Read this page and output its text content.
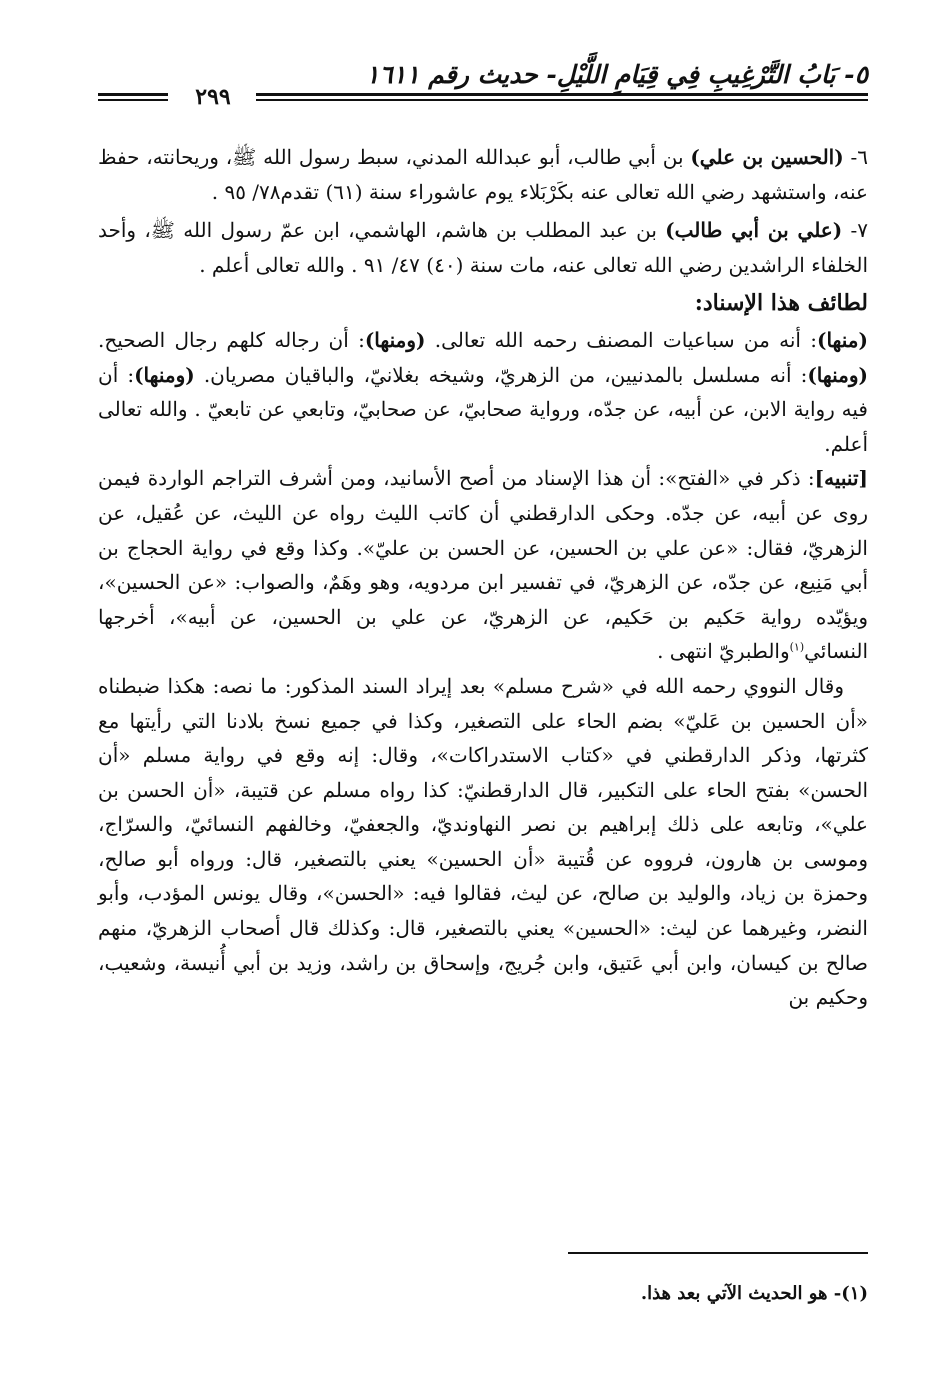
٥- بَابُ التَّرْغِيبِ فِي قِيَامِ اللَّيْلِ- حديث رقم ١٦١١
٢٩٩

٦- (الحسين بن علي) بن أبي طالب، أبو عبدالله المدني، سبط رسول الله ﷺ، وريحانته، حفظ عنه، واستشهد رضي الله تعالى عنه بكَرْبَلاء يوم عاشوراء سنة (٦١) تقدم٧٨/ ٩٥ .

٧- (علي بن أبي طالب) بن عبد المطلب بن هاشم، الهاشمي، ابن عمّ رسول الله ﷺ، وأحد الخلفاء الراشدين رضي الله تعالى عنه، مات سنة (٤٠) ٤٧/ ٩١ . والله تعالى أعلم .

لطائف هذا الإسناد:

(منها): أنه من سباعيات المصنف رحمه الله تعالى. (ومنها): أن رجاله كلهم رجال الصحيح. (ومنها): أنه مسلسل بالمدنيين، من الزهريّ، وشيخه بغلانيّ، والباقيان مصريان. (ومنها): أن فيه رواية الابن، عن أبيه، عن جدّه، ورواية صحابيّ، عن صحابيّ، وتابعي عن تابعيّ . والله تعالى أعلم.

[تنبيه]: ذكر في «الفتح»: أن هذا الإسناد من أصح الأسانيد، ومن أشرف التراجم الواردة فيمن روى عن أبيه، عن جدّه. وحكى الدارقطني أن كاتب الليث رواه عن الليث، عن عُقيل، عن الزهريّ، فقال: «عن علي بن الحسين، عن الحسن بن عليّ». وكذا وقع في رواية الحجاج بن أبي مَنِيع، عن جدّه، عن الزهريّ، في تفسير ابن مردويه، وهو وهَمٌ، والصواب: «عن الحسين»، ويؤيّده رواية حَكيم بن حَكيم، عن الزهريّ، عن علي بن الحسين، عن أبيه»، أخرجها النسائي$^{(١)}$والطبريّ انتهى .

وقال النووي رحمه الله في «شرح مسلم» بعد إيراد السند المذكور: ما نصه: هكذا ضبطناه «أن الحسين بن عَليّ» بضم الحاء على التصغير، وكذا في جميع نسخ بلادنا التي رأيتها مع كثرتها، وذكر الدارقطني في «كتاب الاستدراكات»، وقال: إنه وقع في رواية مسلم «أن الحسن» بفتح الحاء على التكبير، قال الدارقطنيّ: كذا رواه مسلم عن قتيبة، «أن الحسن بن علي»، وتابعه على ذلك إبراهيم بن نصر النهاونديّ، والجعفيّ، وخالفهم النسائيّ، والسرّاج، وموسى بن هارون، فرووه عن قُتيبة «أن الحسين» يعني بالتصغير، قال: ورواه أبو صالح، وحمزة بن زياد، والوليد بن صالح، عن ليث، فقالوا فيه: «الحسن»، وقال يونس المؤدب، وأبو النضر، وغيرهما عن ليث: «الحسين» يعني بالتصغير، قال: وكذلك قال أصحاب الزهريّ، منهم صالح بن كيسان، وابن أبي عَتيق، وابن جُريج، وإسحاق بن راشد، وزيد بن أبي أُنيسة، وشعيب، وحكيم بن

(١)- هو الحديث الآتي بعد هذا.
